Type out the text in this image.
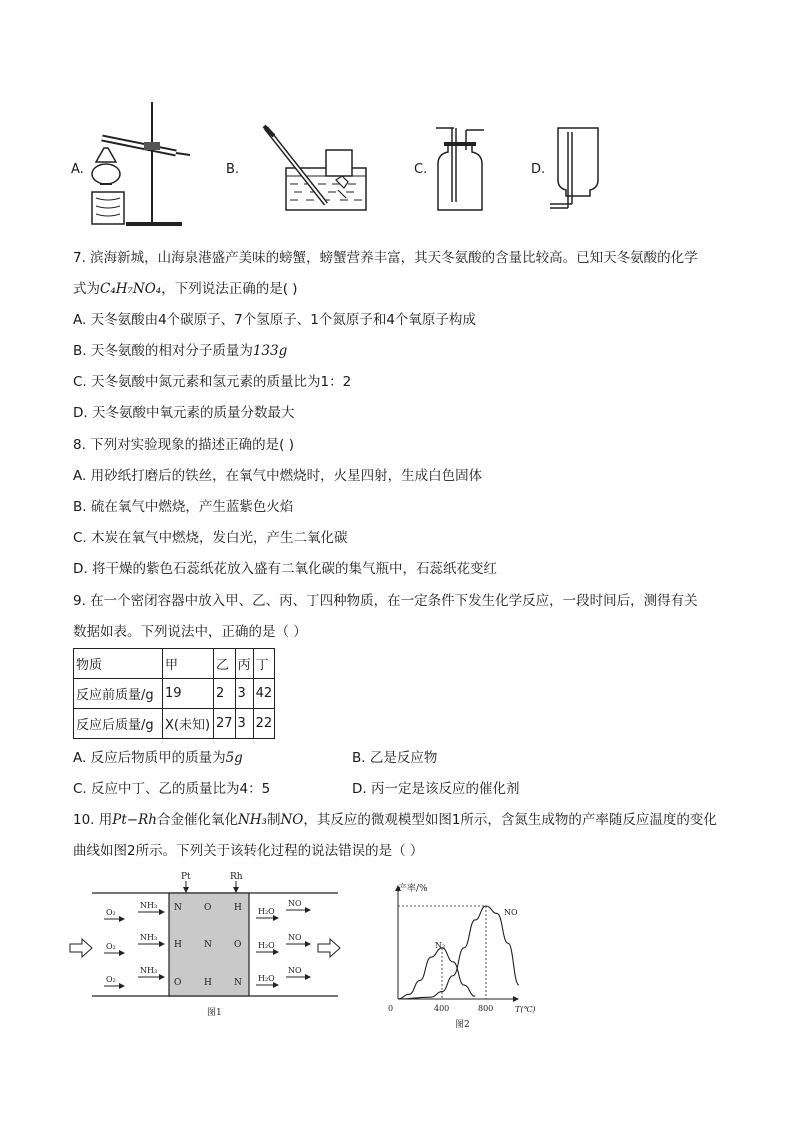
A.	B.	C.	D.
7. 滨海新城，山海泉港盛产美味的螃蟹，螃蟹营养丰富，其天冬氨酸的含量比较高。已知天冬氨酸的化学
式为C₄H₇NO₄，下列说法正确的是( )
A. 天冬氨酸由4个碳原子、7个氢原子、1个氮原子和4个氧原子构成
B. 天冬氨酸的相对分子质量为133g
C. 天冬氨酸中氮元素和氢元素的质量比为1：2
D. 天冬氨酸中氧元素的质量分数最大
8. 下列对实验现象的描述正确的是( )
A. 用砂纸打磨后的铁丝，在氧气中燃烧时，火星四射，生成白色固体
B. 硫在氧气中燃烧，产生蓝紫色火焰
C. 木炭在氧气中燃烧，发白光，产生二氧化碳
D. 将干燥的紫色石蕊纸花放入盛有二氧化碳的集气瓶中，石蕊纸花变红
9. 在一个密闭容器中放入甲、乙、丙、丁四种物质，在一定条件下发生化学反应，一段时间后，测得有关
数据如表。下列说法中，正确的是（ ）
物质	甲	乙	丙	丁
反应前质量/g	19	2	3	42
反应后质量/g	X(未知)	27	3	22
A. 反应后物质甲的质量为5g	B. 乙是反应物
C. 反应中丁、乙的质量比为4：5	D. 丙一定是该反应的催化剂
10. 用Pt−Rh合金催化氧化NH₃制NO，其反应的微观模型如图1所示，含氮生成物的产率随反应温度的变化
曲线如图2所示。下列关于该转化过程的说法错误的是（ ）
Pt	Rh
O₂
NH₃ N O	H H₂O
NO
O₂
NH₃
H N O H₂O
NO
O₂
NH₃
O	H N H₂O
NO
图1
产率/%
T(℃)
0	400	800
N₂
NO
图2
